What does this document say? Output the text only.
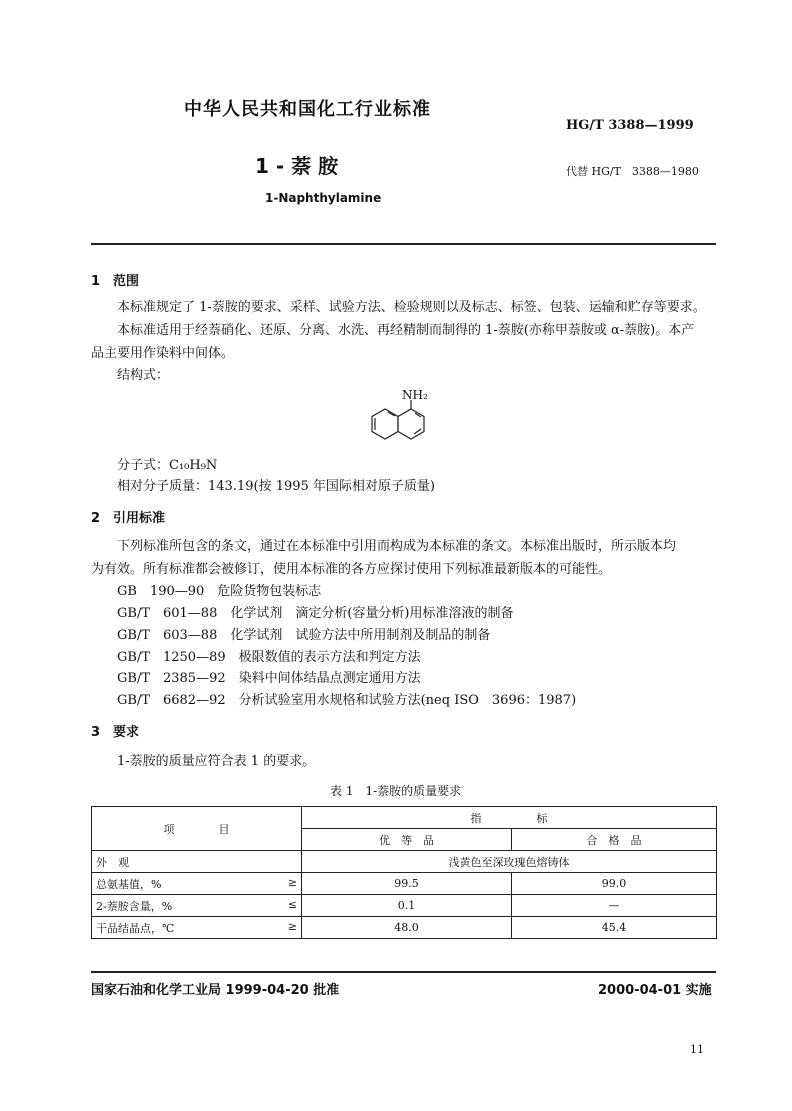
中华人民共和国化工行业标准
HG/T 3388—1999
1 - 萘 胺	代替 HG/T　3388—1980
1-Naphthylamine
1　范围
本标准规定了 1-萘胺的要求、采样、试验方法、检验规则以及标志、标签、包装、运输和贮存等要求。
本标准适用于经萘硝化、还原、分离、水洗、再经精制而制得的 1-萘胺(亦称甲萘胺或 α-萘胺)。本产
品主要用作染料中间体。
结构式：
NH₂
分子式：C₁₀H₉N
相对分子质量：143.19(按 1995 年国际相对原子质量)
2　引用标准
下列标准所包含的条文，通过在本标准中引用而构成为本标准的条文。本标准出版时，所示版本均
为有效。所有标准都会被修订，使用本标准的各方应探讨使用下列标准最新版本的可能性。
GB　190—90　危险货物包装标志
GB/T　601—88　化学试剂　滴定分析(容量分析)用标准溶液的制备
GB/T　603—88　化学试剂　试验方法中所用制剂及制品的制备
GB/T　1250—89　极限数值的表示方法和判定方法
GB/T　2385—92　染料中间体结晶点测定通用方法
GB/T　6682—92　分析试验室用水规格和试验方法(neq ISO　3696：1987)
3　要求
1-萘胺的质量应符合表 1 的要求。
表 1　1-萘胺的质量要求
项　　　　目	指　　　　　标	
	优　等　品	合　格　品
外　观	浅黄色至深玫瑰色熔铸体	
总氨基值，% ≥	99.5	99.0
2-萘胺含量，% ≤	0.1	—
干品结晶点，℃ ≥	48.0	45.4
国家石油和化学工业局 1999-04-20 批准	2000-04-01 实施
11
